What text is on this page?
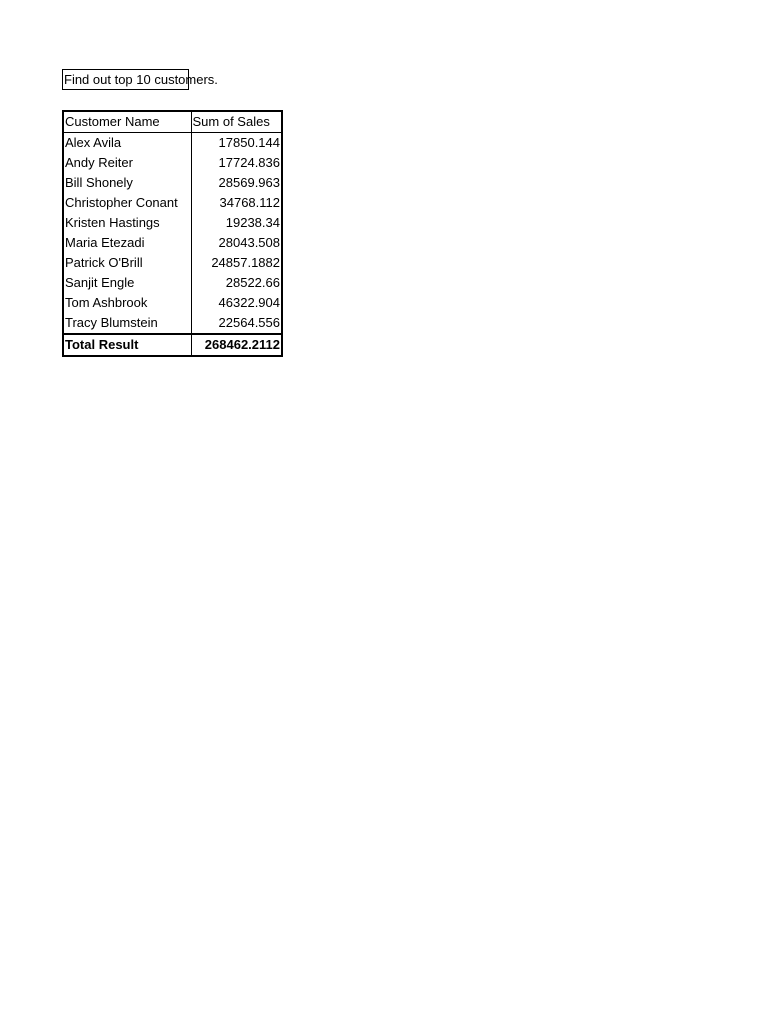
Find out top 10 customers.
Customer Name	Sum of Sales
Alex Avila	17850.144
Andy Reiter	17724.836
Bill Shonely	28569.963
Christopher Conant	34768.112
Kristen Hastings	19238.34
Maria Etezadi	28043.508
Patrick O'Brill	24857.1882
Sanjit Engle	28522.66
Tom Ashbrook	46322.904
Tracy Blumstein	22564.556
Total Result	268462.2112
